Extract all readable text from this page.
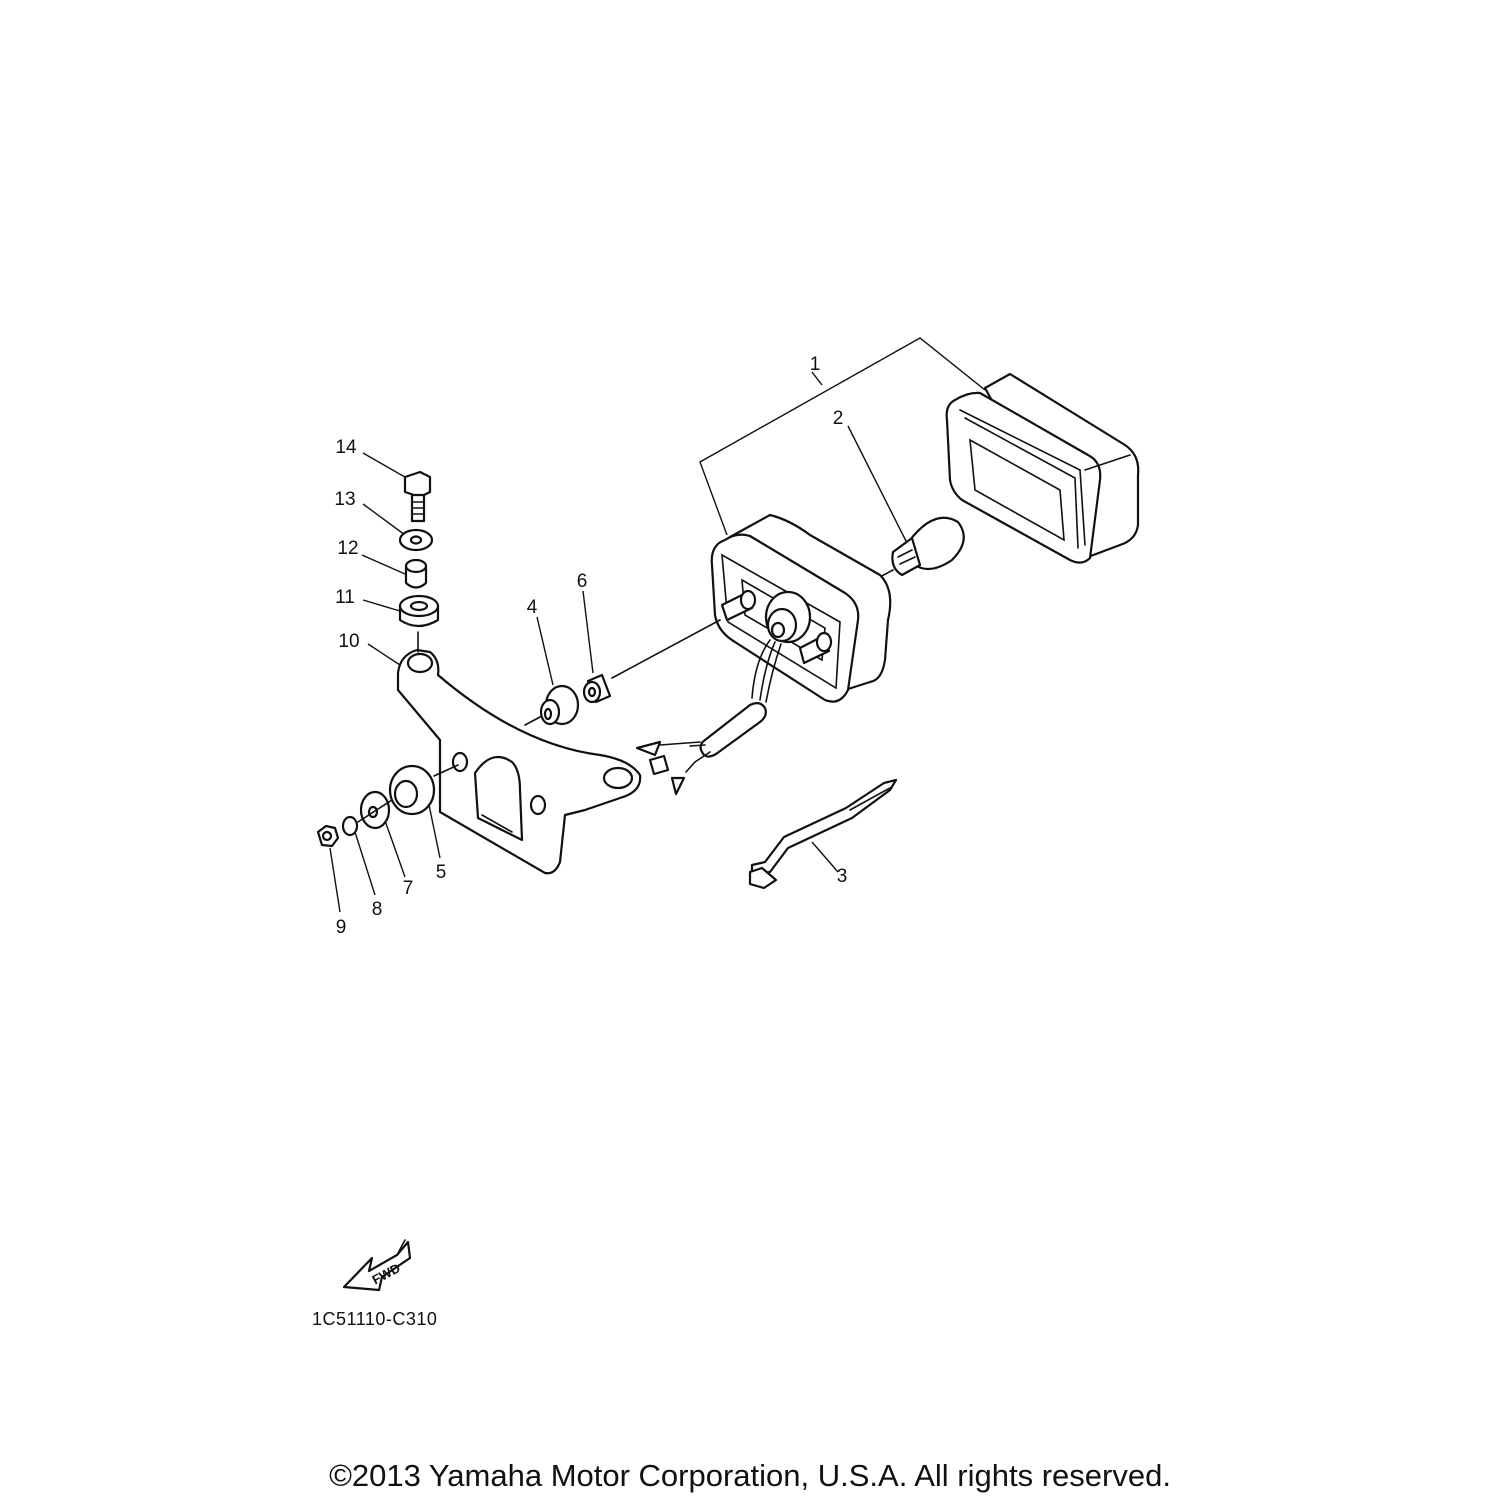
1
2
3
4
5
6
7
8
9
10
11
12
13
14
FWD
1C51110-C310
©2013 Yamaha Motor Corporation, U.S.A. All rights reserved.
